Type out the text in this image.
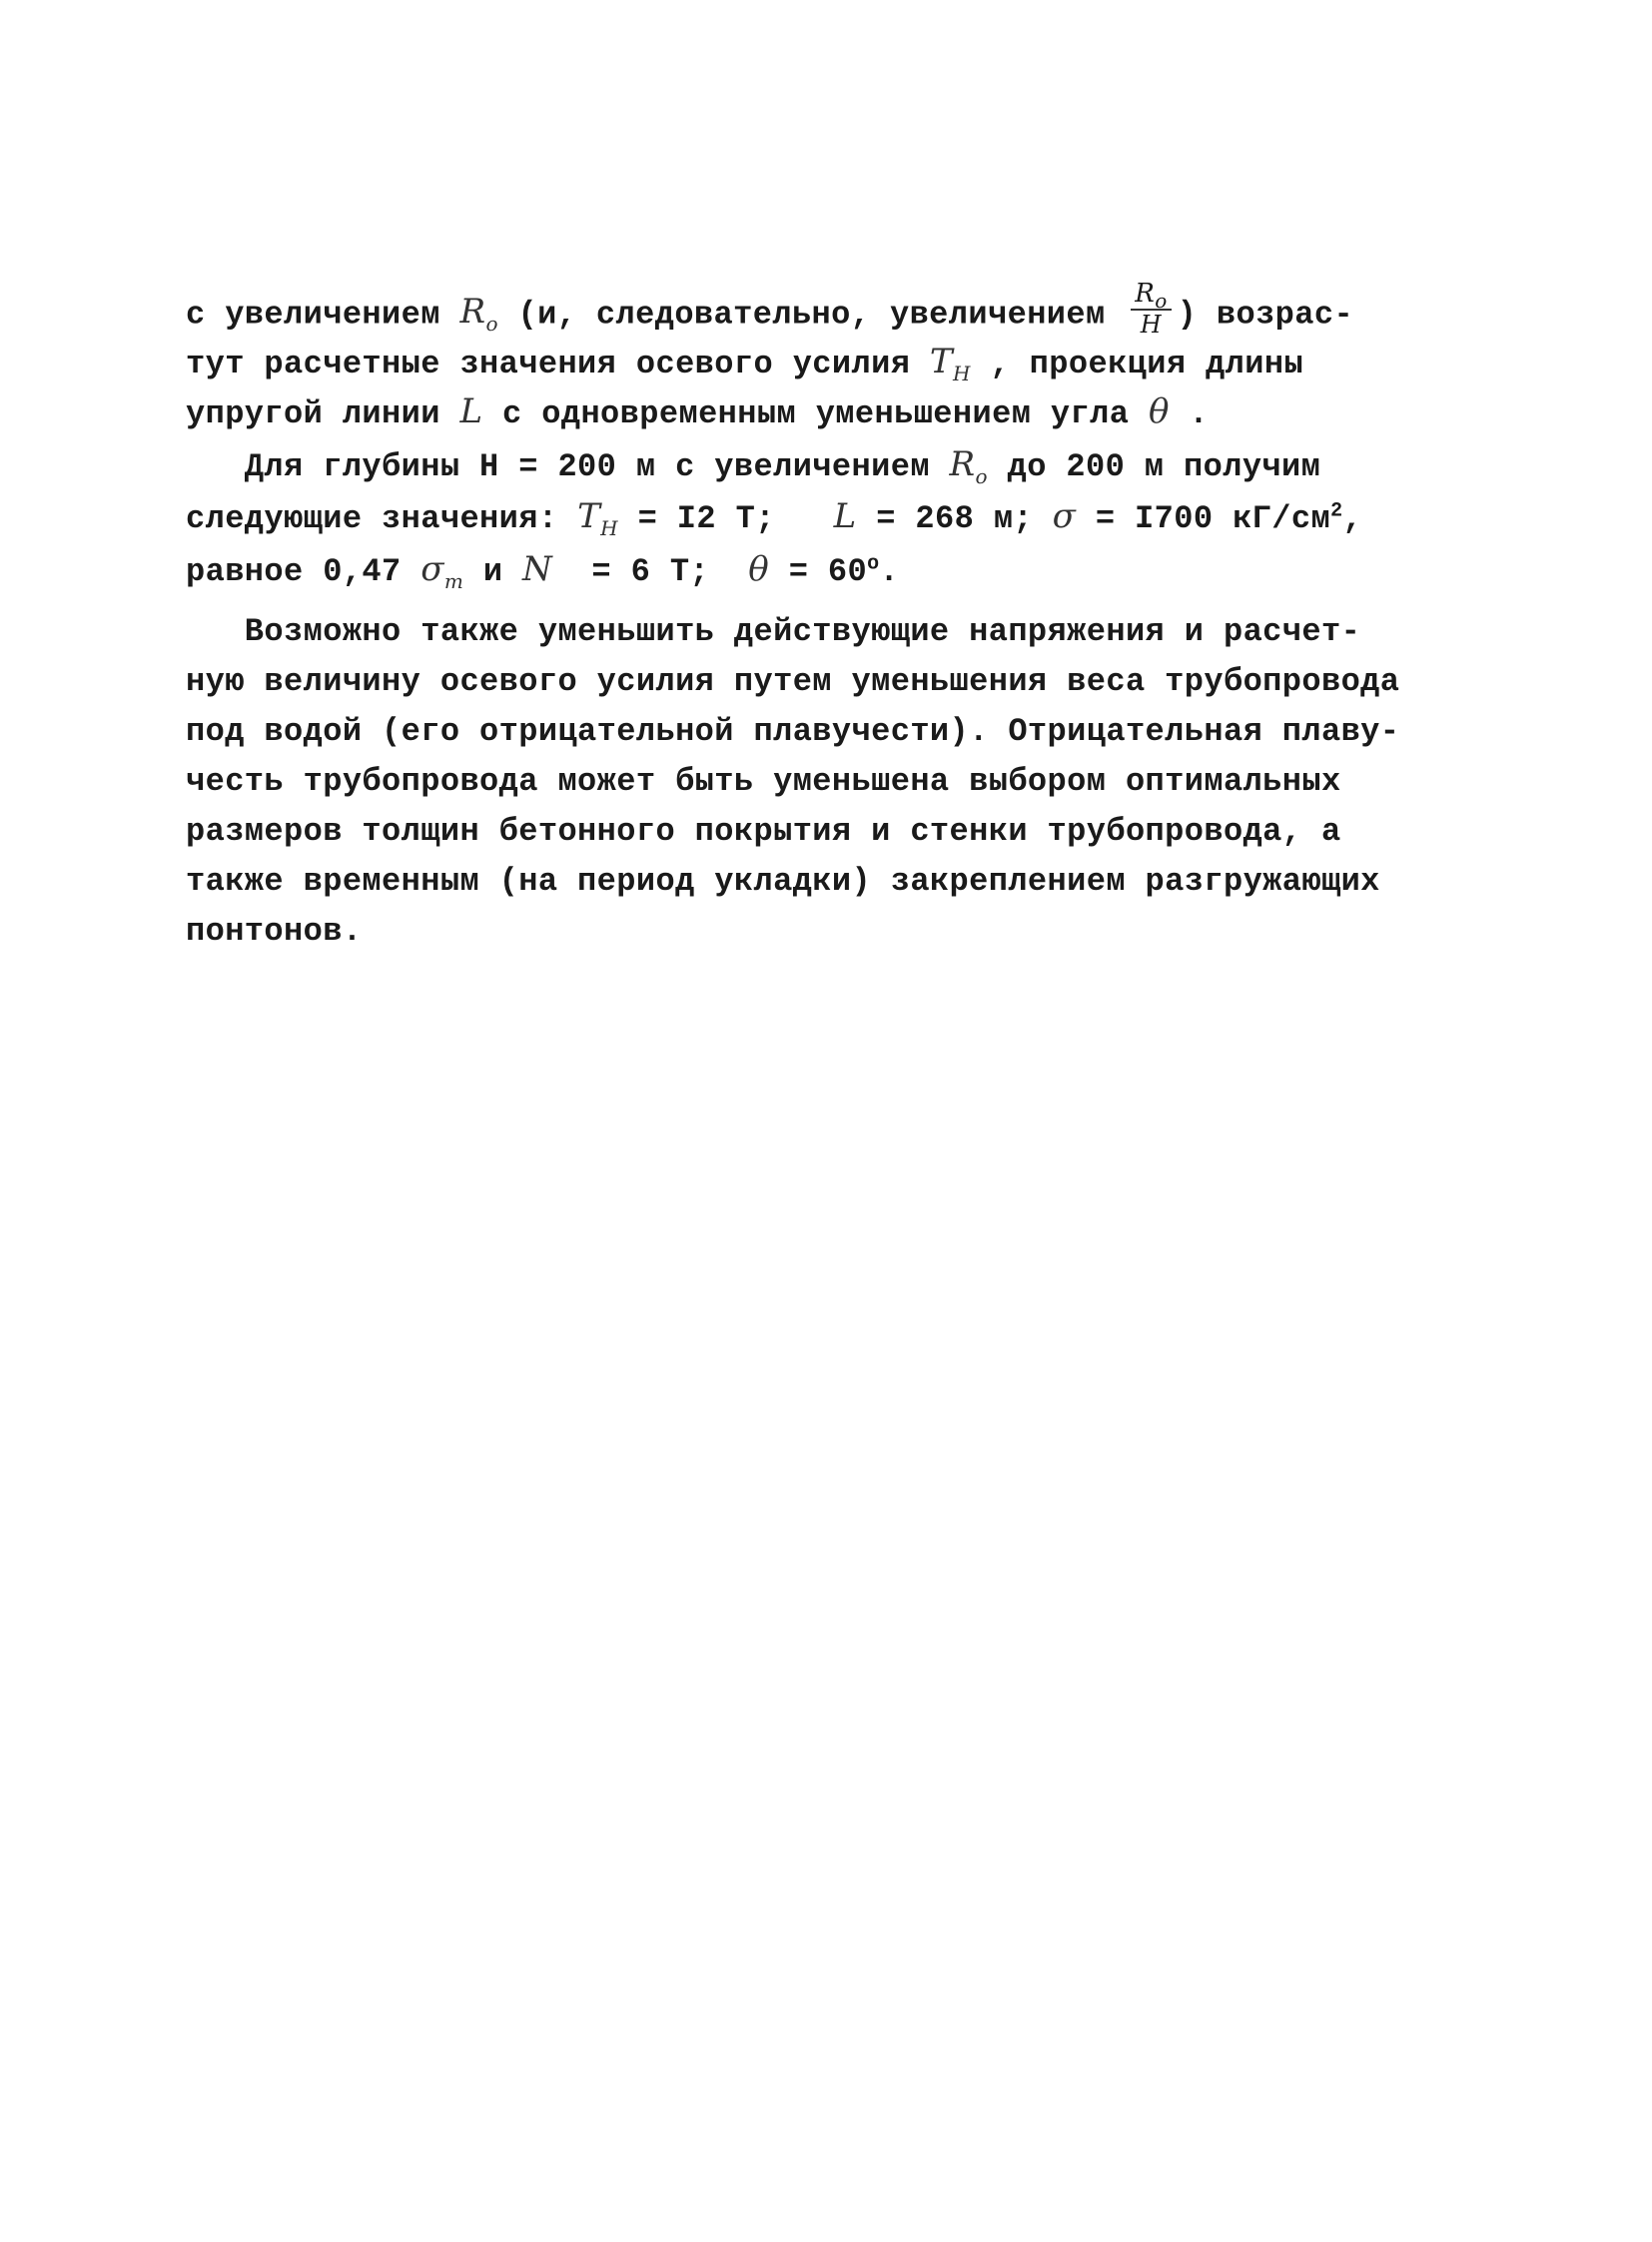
с увеличением $R_o$ (и, следовательно, увеличением $\frac{R_o}{H}$ ) возрас-
тут расчетные значения осевого усилия $T_H$ , проекция длины
упругой линии L с одновременным уменьшением угла θ .
Для глубины H = 200 м с увеличением $R_o$ до 200 м получим
следующие значения: $T_H = I2$ T;   L = 268 м; σ = I700 $кГ/см^2$,
равное 0,47 $\sigma_т$ и N  = 6 T;  $\theta = 60^o$.
Возможно также уменьшить действующие напряжения и расчет-
ную величину осевого усилия путем уменьшения веса трубопровода
под водой (его отрицательной плавучести). Отрицательная плаву-
честь трубопровода может быть уменьшена выбором оптимальных
размеров толщин бетонного покрытия и стенки трубопровода, а
также временным (на период укладки) закреплением разгружающих
понтонов.
